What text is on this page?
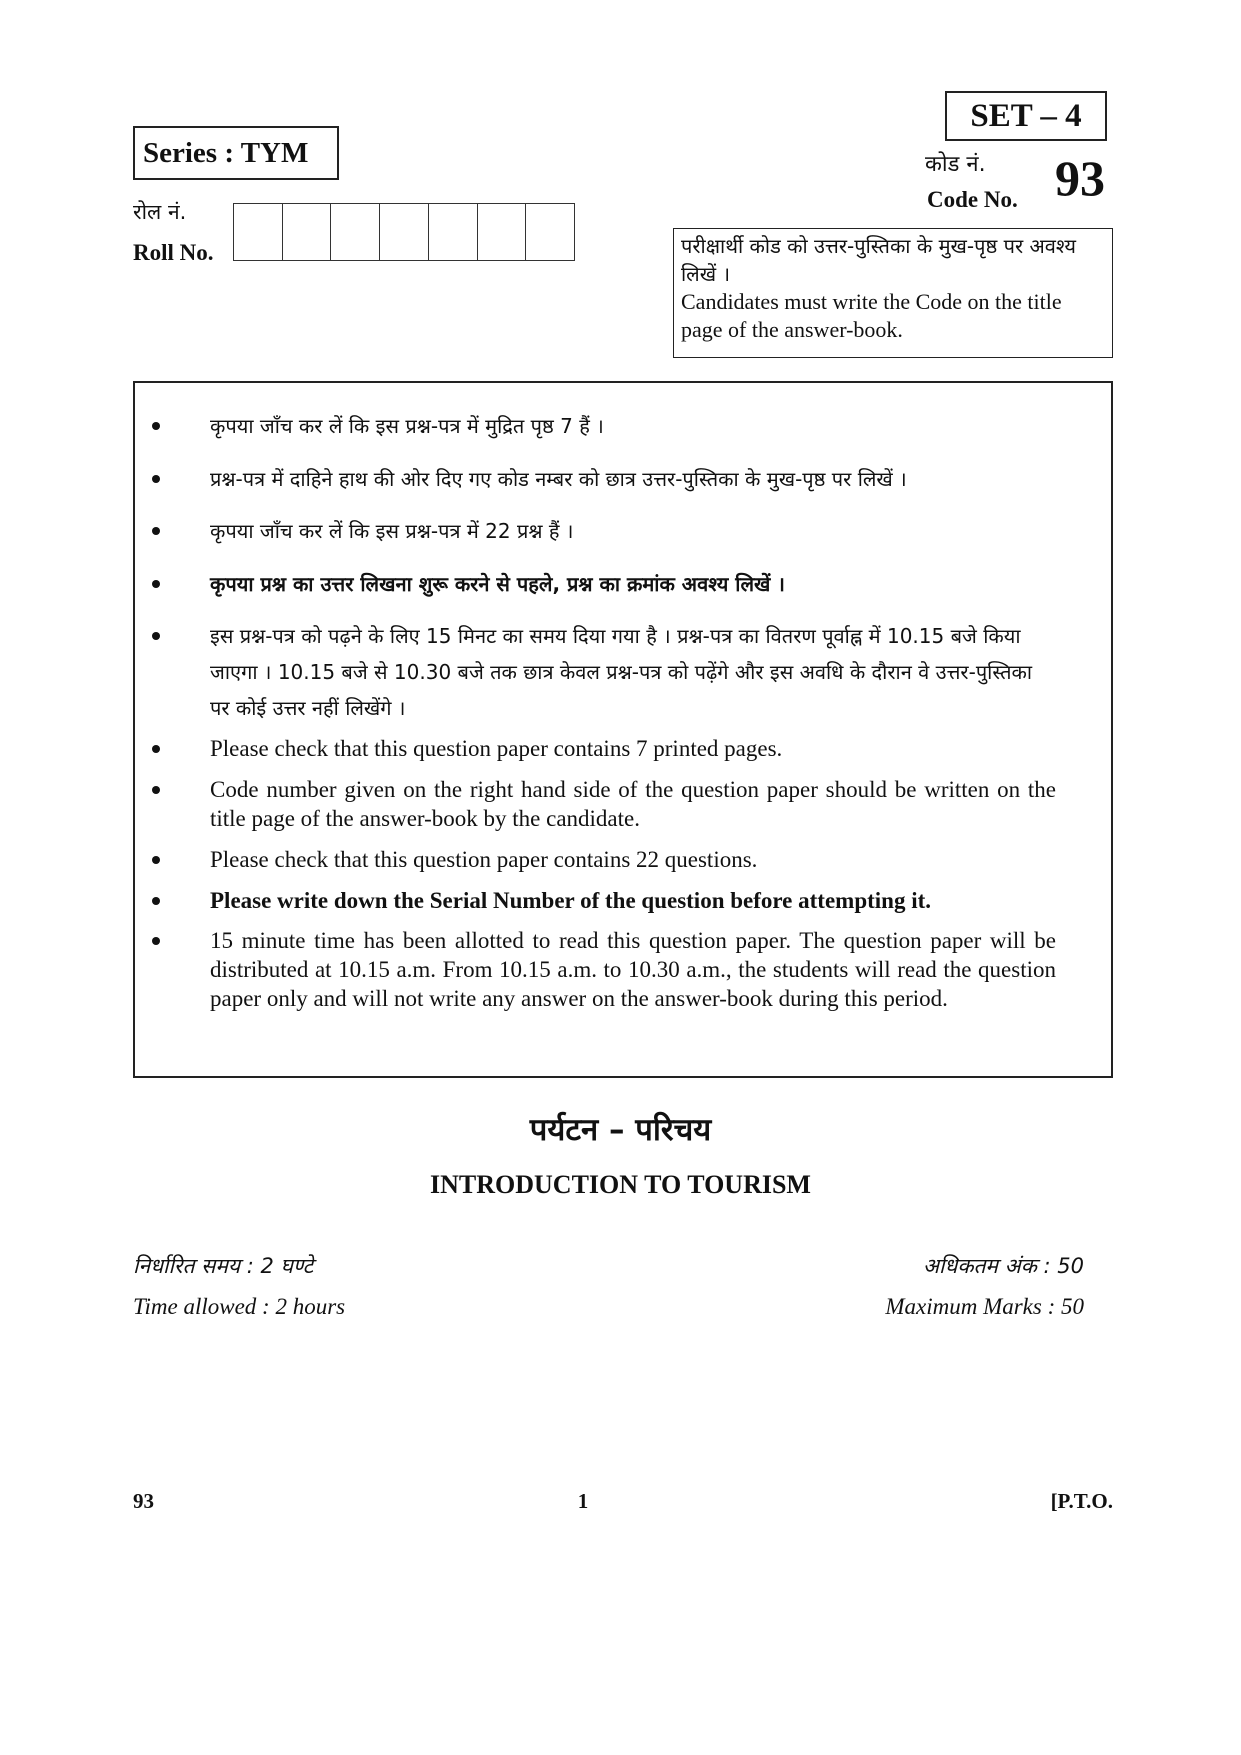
Series : TYM
रोल नं.
Roll No.
SET – 4
कोड नं.
Code No. 93
परीक्षार्थी कोड को उत्तर-पुस्तिका के मुख-पृष्ठ पर अवश्य लिखें ।
Candidates must write the Code on the title page of the answer-book.
कृपया जाँच कर लें कि इस प्रश्न-पत्र में मुद्रित पृष्ठ 7 हैं ।
प्रश्न-पत्र में दाहिने हाथ की ओर दिए गए कोड नम्बर को छात्र उत्तर-पुस्तिका के मुख-पृष्ठ पर लिखें ।
कृपया जाँच कर लें कि इस प्रश्न-पत्र में 22 प्रश्न हैं ।
कृपया प्रश्न का उत्तर लिखना शुरू करने से पहले, प्रश्न का क्रमांक अवश्य लिखें ।
इस प्रश्न-पत्र को पढ़ने के लिए 15 मिनट का समय दिया गया है । प्रश्न-पत्र का वितरण पूर्वाह्न में 10.15 बजे किया जाएगा । 10.15 बजे से 10.30 बजे तक छात्र केवल प्रश्न-पत्र को पढ़ेंगे और इस अवधि के दौरान वे उत्तर-पुस्तिका पर कोई उत्तर नहीं लिखेंगे ।
Please check that this question paper contains 7 printed pages.
Code number given on the right hand side of the question paper should be written on the title page of the answer-book by the candidate.
Please check that this question paper contains 22 questions.
Please write down the Serial Number of the question before attempting it.
15 minute time has been allotted to read this question paper. The question paper will be distributed at 10.15 a.m. From 10.15 a.m. to 10.30 a.m., the students will read the question paper only and will not write any answer on the answer-book during this period.
पर्यटन – परिचय
INTRODUCTION TO TOURISM
निर्धारित समय : 2 घण्टे
Time allowed : 2 hours
अधिकतम अंक : 50
Maximum Marks : 50
93	1	[P.T.O.
